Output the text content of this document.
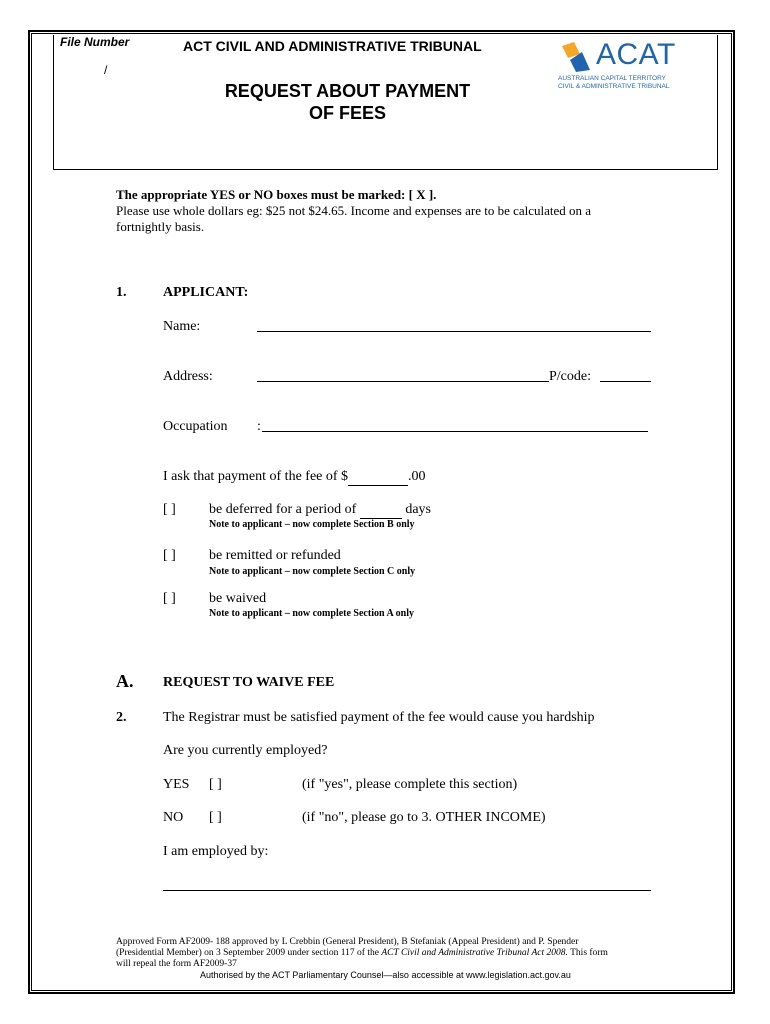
File Number
/
ACT CIVIL AND ADMINISTRATIVE TRIBUNAL
REQUEST ABOUT PAYMENT
OF FEES
ACAT
AUSTRALIAN CAPITAL TERRITORY
CIVIL & ADMINISTRATIVE TRIBUNAL
The appropriate YES or NO boxes must be marked: [ X ].
Please use whole dollars eg: $25 not $24.65. Income and expenses are to be calculated on a
fortnightly basis.
1.	APPLICANT:
Name:
Address:	P/code:
Occupation :
I ask that payment of the fee of $	.00
[ ] be deferred for a period of	days
Note to applicant – now complete Section B only
[ ] be remitted or refunded
Note to applicant – now complete Section C only
[ ] be waived
Note to applicant – now complete Section A only
A. REQUEST TO WAIVE FEE
2.	The Registrar must be satisfied payment of the fee would cause you hardship
Are you currently employed?
YES [ ]	(if "yes", please complete this section)
NO [ ]	(if "no", please go to 3. OTHER INCOME)
I am employed by:
Approved Form AF2009- 188 approved by L Crebbin (General President), B Stefaniak (Appeal President) and P. Spender
(Presidential Member) on 3 September 2009 under section 117 of the ACT Civil and Administrative Tribunal Act 2008. This form
will repeal the form AF2009-37
Authorised by the ACT Parliamentary Counsel—also accessible at www.legislation.act.gov.au
